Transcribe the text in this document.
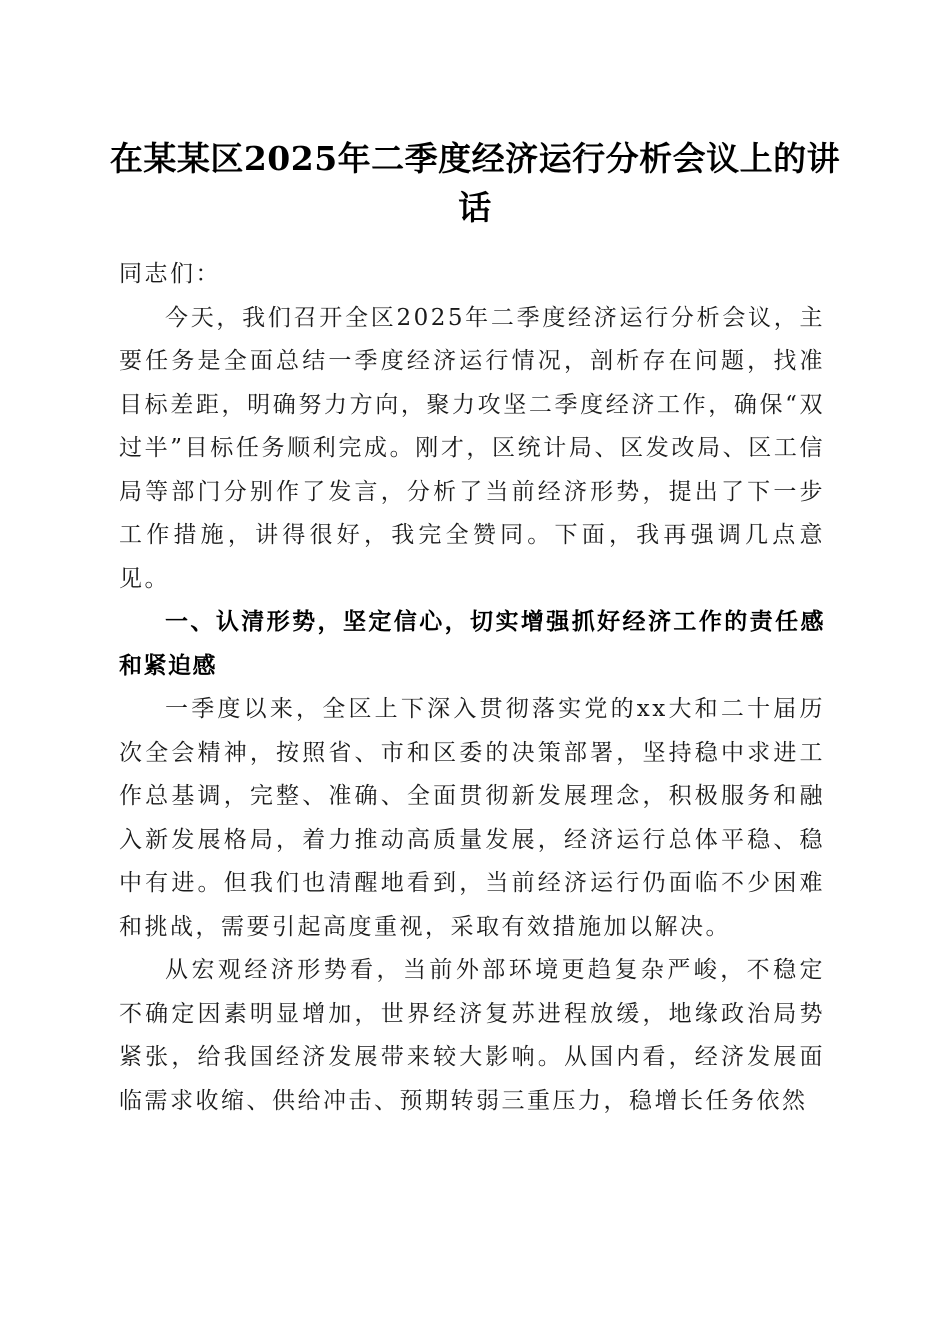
在某某区2025年二季度经济运行分析会议上的讲话

同志们：

今天，我们召开全区2025年二季度经济运行分析会议，主要任务是全面总结一季度经济运行情况，剖析存在问题，找准目标差距，明确努力方向，聚力攻坚二季度经济工作，确保“双过半”目标任务顺利完成。刚才，区统计局、区发改局、区工信局等部门分别作了发言，分析了当前经济形势，提出了下一步工作措施，讲得很好，我完全赞同。下面，我再强调几点意见。

一、认清形势，坚定信心，切实增强抓好经济工作的责任感和紧迫感

一季度以来，全区上下深入贯彻落实党的xx大和二十届历次全会精神，按照省、市和区委的决策部署，坚持稳中求进工作总基调，完整、准确、全面贯彻新发展理念，积极服务和融入新发展格局，着力推动高质量发展，经济运行总体平稳、稳中有进。但我们也清醒地看到，当前经济运行仍面临不少困难和挑战，需要引起高度重视，采取有效措施加以解决。

从宏观经济形势看，当前外部环境更趋复杂严峻，不稳定不确定因素明显增加，世界经济复苏进程放缓，地缘政治局势紧张，给我国经济发展带来较大影响。从国内看，经济发展面临需求收缩、供给冲击、预期转弱三重压力，稳增长任务依然
